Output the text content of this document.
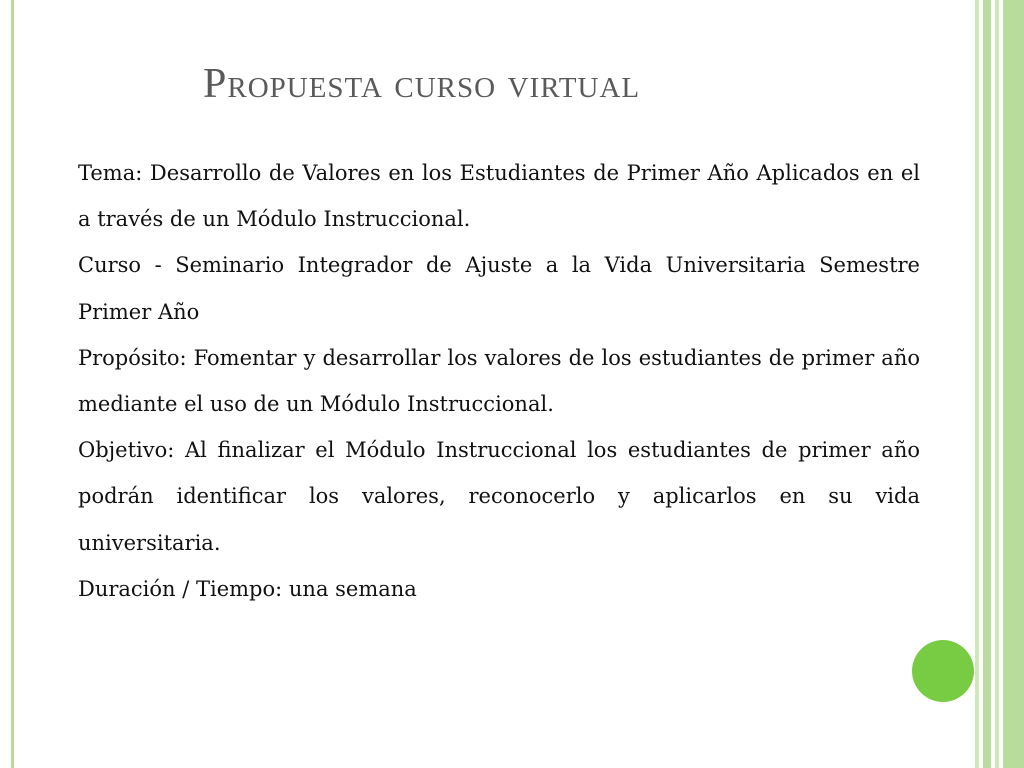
Propuesta curso virtual

Tema: Desarrollo de Valores en los Estudiantes de Primer Año Aplicados en el a través de un Módulo Instruccional.

Curso - Seminario Integrador de Ajuste a la Vida Universitaria Semestre Primer Año

Propósito: Fomentar y desarrollar los valores de los estudiantes de primer año mediante el uso de un Módulo Instruccional.

Objetivo: Al finalizar el Módulo Instruccional los estudiantes de primer año podrán identificar los valores, reconocerlo y aplicarlos en su vida universitaria.

Duración / Tiempo: una semana
